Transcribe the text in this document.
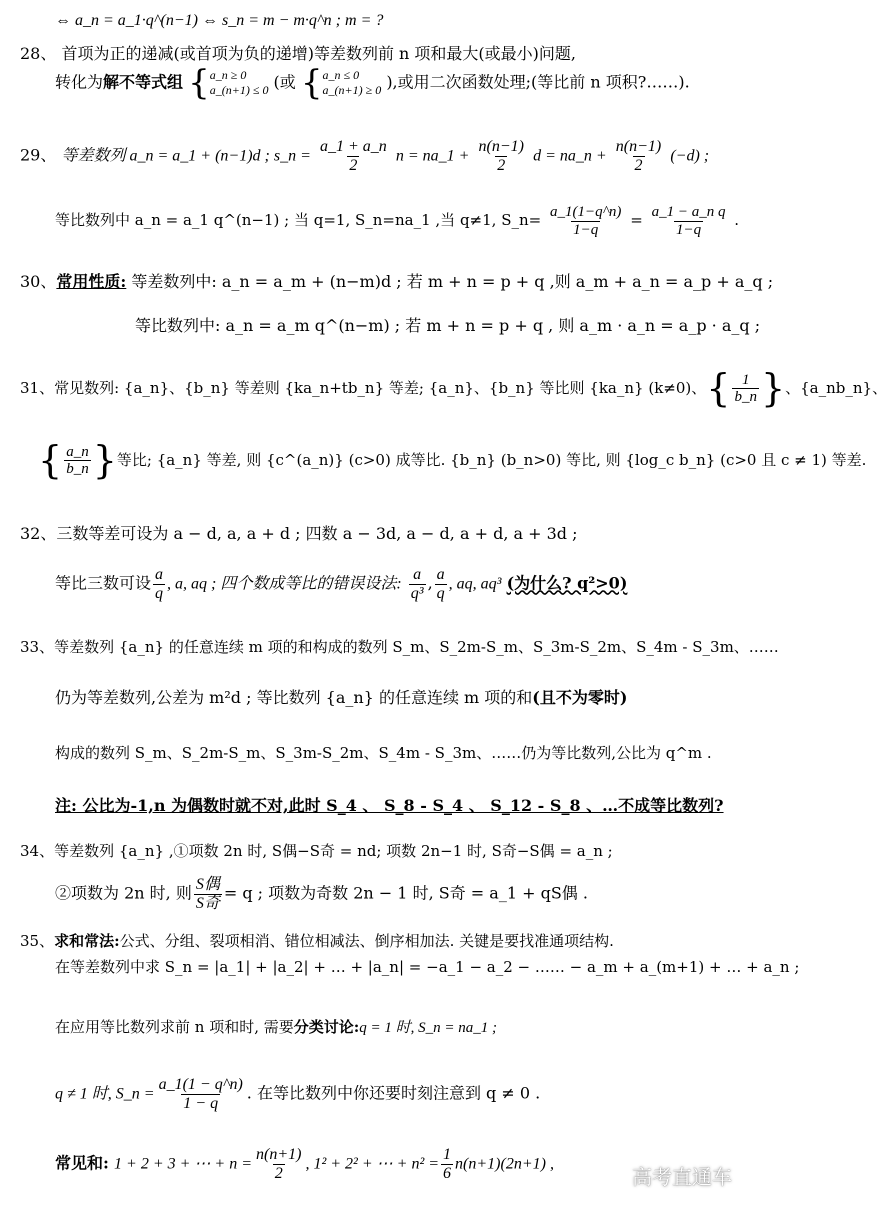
⇔ a_n = a_1·q^(n−1) ⇔ s_n = m − m·q^n ; m = ?
28、 首项为正的递减(或首项为负的递增)等差数列前 n 项和最大(或最小)问题,
转化为解不等式组 { a_n ≥ 0
a_(n+1) ≤ 0 (或 { a_n ≤ 0
a_(n+1) ≥ 0 ),或用二次函数处理;(等比前 n 项积?……).
29、 等差数列 a_n = a_1 + (n−1)d ; s_n = $\frac{a\_1 + a\_n}{2}$ n = na_1 + $\frac{n(n-1)}{2}$ d = na_n + $\frac{n(n-1)}{2} (-d)$ ;
等比数列中 a_n = a_1 q^(n−1) ; 当 q=1, S_n=na_1 ,当 q≠1, S_n= $\frac{a\_1(1-q\^{}n)}{1-q} = \frac{\text{a\_1 − a\_n q}}{1-q}$ .
30、常用性质: 等差数列中: a_n = a_m + (n−m)d ; 若 m + n = p + q ,则 a_m + a_n = a_p + a_q ;
等比数列中: a_n = a_m q^(n−m) ; 若 m + n = p + q , 则 a_m · a_n = a_p · a_q ;
31、常见数列: {a_n}、{b_n} 等差则 {ka_n+tb_n} 等差; {a_n}、{b_n} 等比则 {ka_n} (k≠0)、{ $\frac{1}{b\_n}$ }、{a_nb_n}、
{ $\frac{a\_n}{b\_n}$ }等比; {a_n} 等差, 则 {c^(a_n)} (c>0) 成等比. {b_n} (b_n>0) 等比, 则 {log_c b_n} (c>0 且 c ≠ 1) 等差.
32、三数等差可设为 a − d, a, a + d ; 四数 a − 3d, a − d, a + d, a + 3d ;
等比三数可设 $\frac{a}{q}$ , a, aq ; 四个数成等比的错误设法: $\frac{a}{\text{q³}}$ , $\frac{a}{q}$ , aq, aq³ (为什么? q²>0)
33、等差数列 {a_n} 的任意连续 m 项的和构成的数列 S_m、S_2m-S_m、S_3m-S_2m、S_4m - S_3m、……
仍为等差数列,公差为 m²d ; 等比数列 {a_n} 的任意连续 m 项的和(且不为零时)
构成的数列 S_m、S_2m-S_m、S_3m-S_2m、S_4m - S_3m、……仍为等比数列,公比为 q^m .
注: 公比为-1,n 为偶数时就不对,此时 S_4 、 S_8 - S_4 、 S_12 - S_8 、…不成等比数列?
34、等差数列 {a_n} ,①项数 2n 时, S偶−S奇 = nd; 项数 2n−1 时, S奇−S偶 = a_n ;
②项数为 2n 时, 则 $\frac{\text{S偶}}{\text{S奇}} = q$ ; 项数为奇数 2n − 1 时, S奇 = a_1 + qS偶 .
35、求和常法:公式、分组、裂项相消、错位相减法、倒序相加法. 关键是要找准通项结构.
在等差数列中求 S_n = |a_1| + |a_2| + … + |a_n| = −a_1 − a_2 − …… − a_m + a_(m+1) + … + a_n ;
在应用等比数列求前 n 项和时, 需要分类讨论:q = 1 时, S_n = na_1 ;
q ≠ 1 时, S_n = $\frac{a\_1(1 - q\^{}n)}{1 - q}$ . 在等比数列中你还要时刻注意到 q ≠ 0 .
常见和: 1 + 2 + 3 + ⋯ + $n = \frac{n(n+1)}{2}$ , 1² + 2² + ⋯ + $n^2 = \frac{1}{6} n(n+1)(2n+1)$ ,
高考直通车
